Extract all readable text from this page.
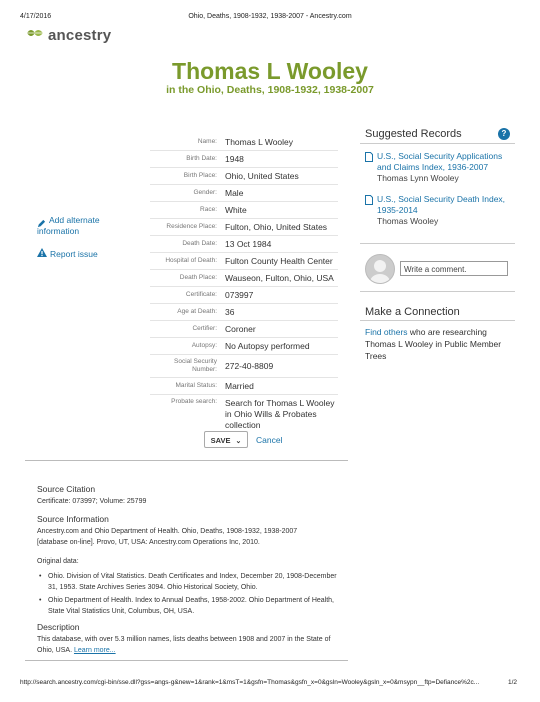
4/17/2016	Ohio, Deaths, 1908-1932, 1938-2007 - Ancestry.com
ancestry
Thomas L Wooley
in the Ohio, Deaths, 1908-1932, 1938-2007
Add alternate information
Report issue
Name: Thomas L Wooley
Birth Date: 1948
Birth Place: Ohio, United States
Gender: Male
Race: White
Residence Place: Fulton, Ohio, United States
Death Date: 13 Oct 1984
Hospital of Death: Fulton County Health Center
Death Place: Wauseon, Fulton, Ohio, USA
Certificate: 073997
Age at Death: 36
Certifier: Coroner
Autopsy: No Autopsy performed
Social Security Number: 272-40-8809
Marital Status: Married
Probate search: Search for Thomas L Wooley in Ohio Wills & Probates collection
SAVE ⌄	Cancel
Suggested Records	?
U.S., Social Security Applications and Claims Index, 1936-2007
Thomas Lynn Wooley
U.S., Social Security Death Index, 1935-2014
Thomas Wooley
Write a comment.
Make a Connection
Find others who are researching Thomas L Wooley in Public Member Trees
Source Citation
Certificate: 073997; Volume: 25799
Source Information
Ancestry.com and Ohio Department of Health. Ohio, Deaths, 1908-1932, 1938-2007 [database on-line]. Provo, UT, USA: Ancestry.com Operations Inc, 2010.
Original data:
• Ohio. Division of Vital Statistics. Death Certificates and Index, December 20, 1908-December 31, 1953. State Archives Series 3094. Ohio Historical Society, Ohio.
• Ohio Department of Health. Index to Annual Deaths, 1958-2002. Ohio Department of Health, State Vital Statistics Unit, Columbus, OH, USA.
Description
This database, with over 5.3 million names, lists deaths between 1908 and 2007 in the State of Ohio, USA. Learn more...
http://search.ancestry.com/cgi-bin/sse.dll?gss=angs-g&new=1&rank=1&msT=1&gsfn=Thomas&gsfn_x=0&gsln=Wooley&gsln_x=0&msypn__ftp=Defiance%2c...	1/2
